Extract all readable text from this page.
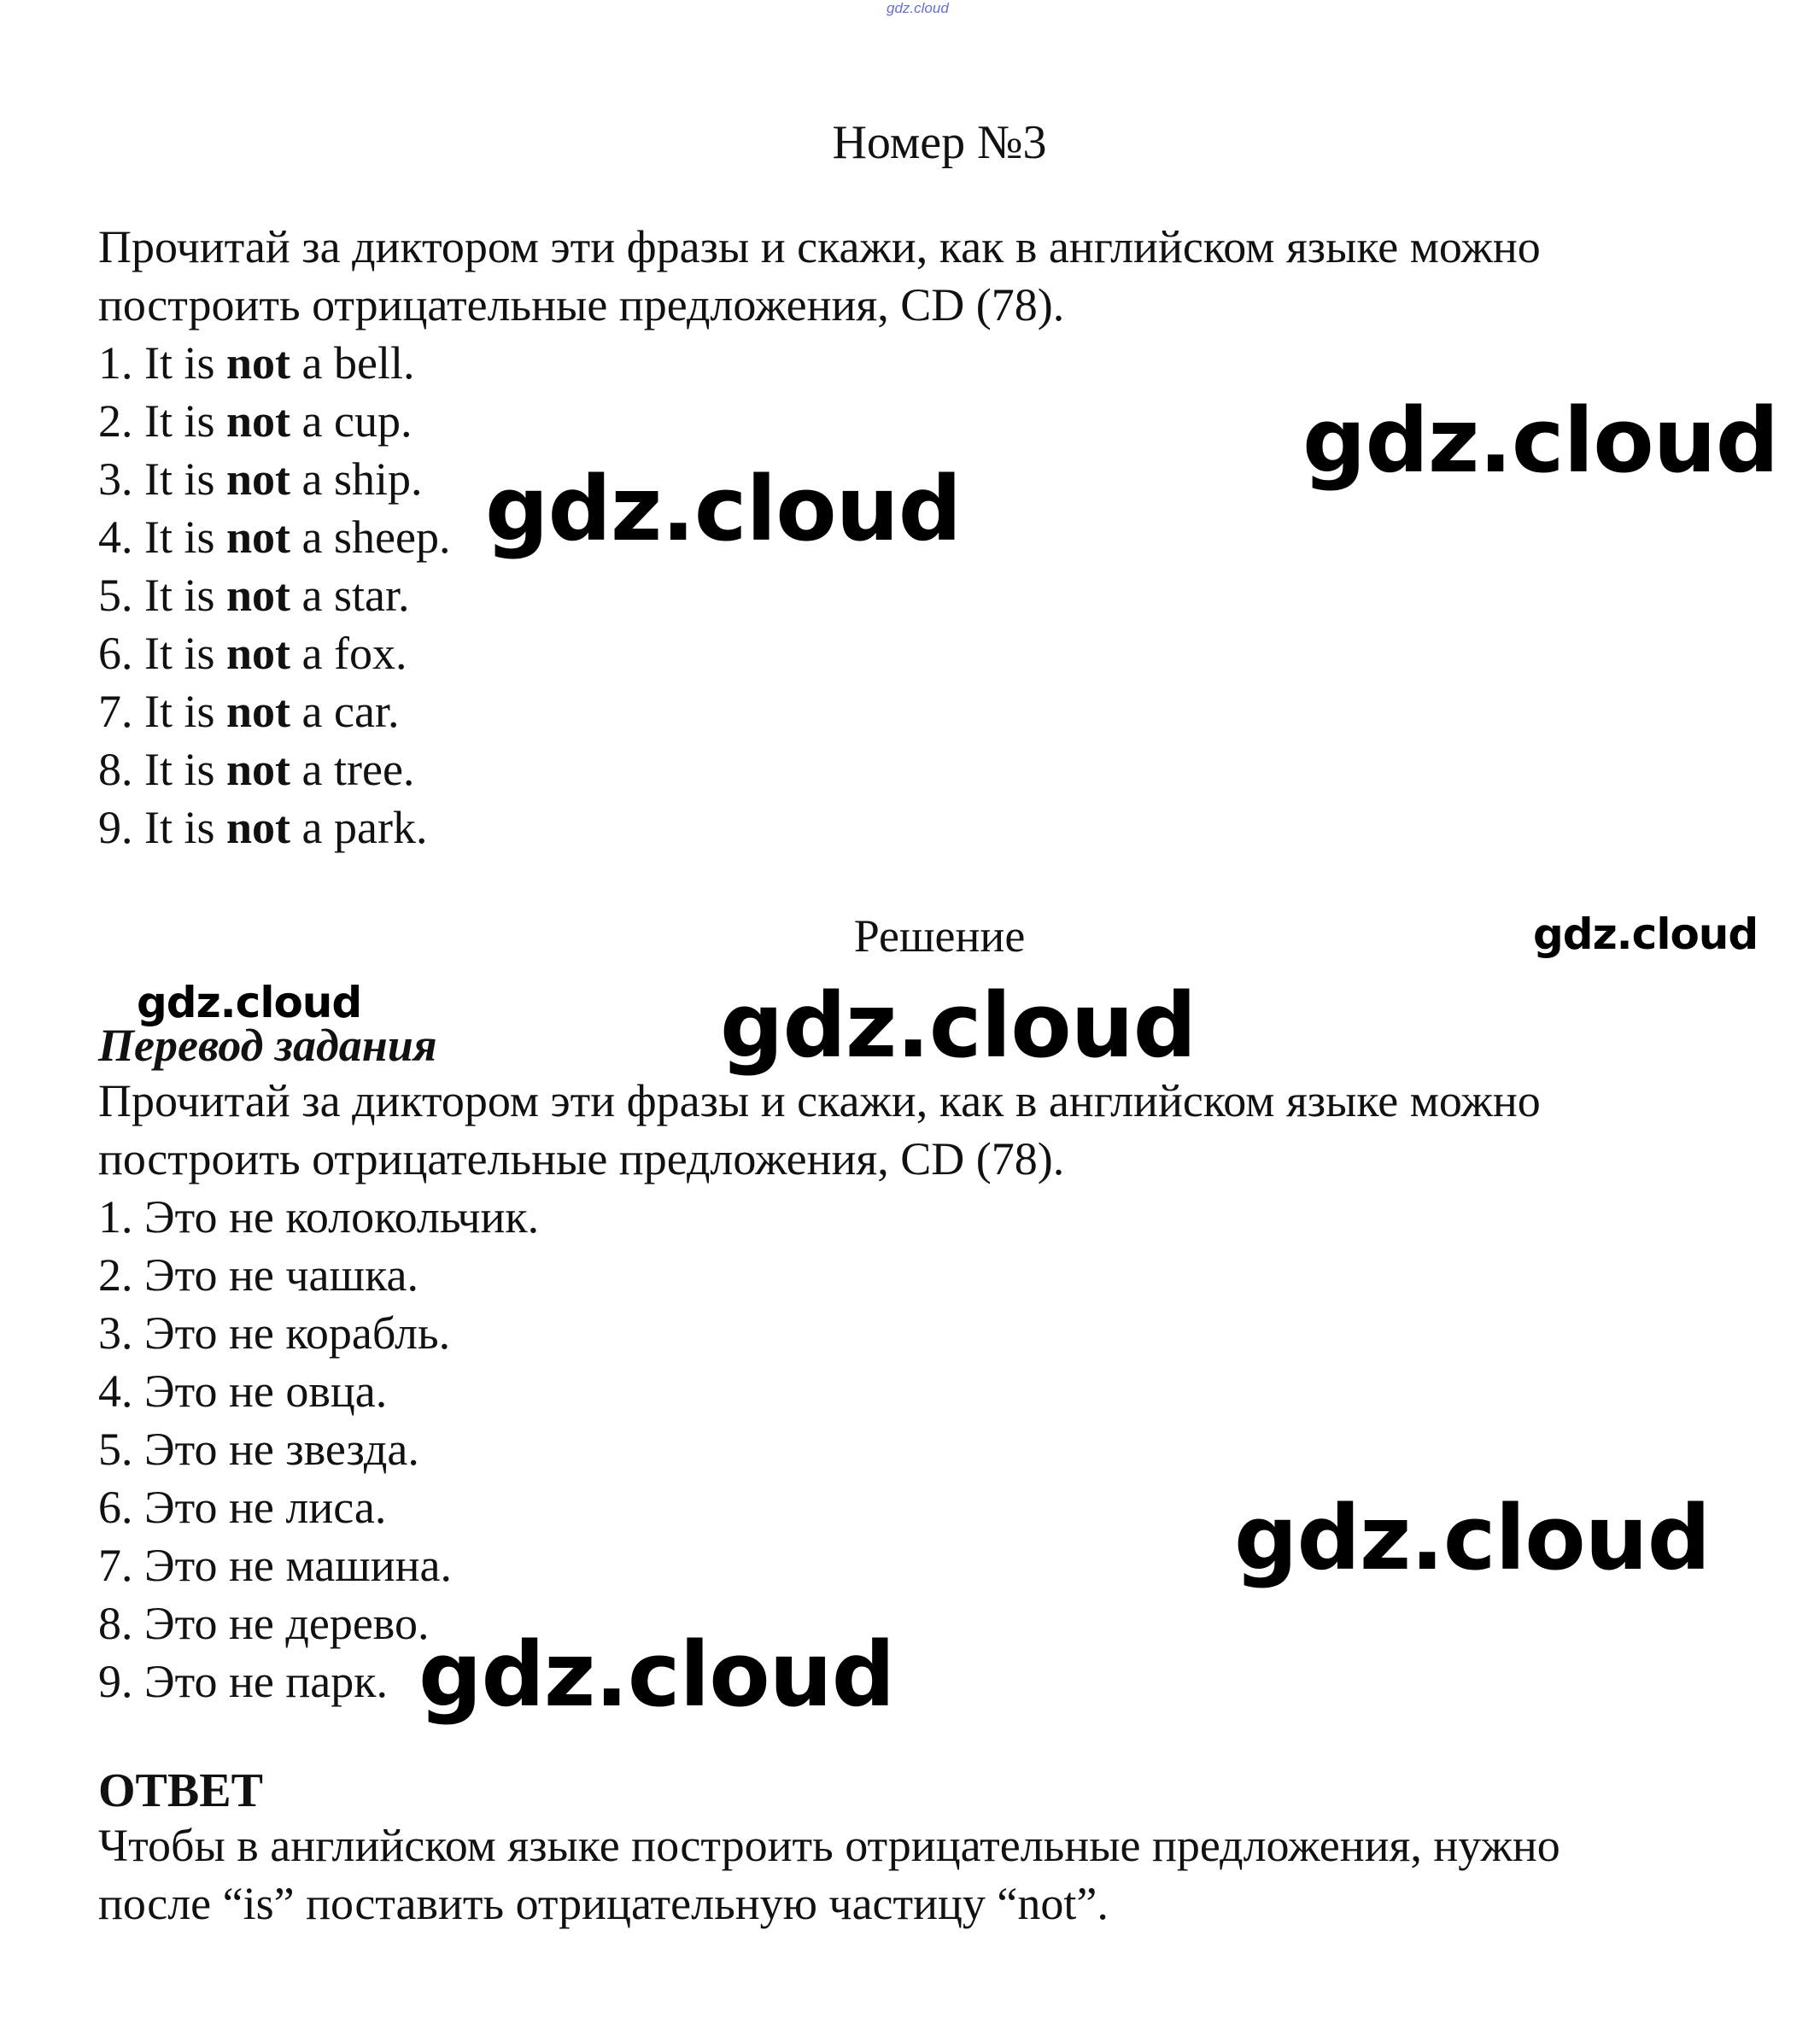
gdz.cloud
Номер №3

Прочитай за диктором эти фразы и скажи, как в английском языке можно

построить отрицательные предложения, CD (78).

1. It is not a bell.
2. It is not a cup.
3. It is not a ship.
4. It is not a sheep.
5. It is not a star.
6. It is not a fox.
7. It is not a car.
8. It is not a tree.
9. It is not a park.
Решение
Перевод задания

Прочитай за диктором эти фразы и скажи, как в английском языке можно

построить отрицательные предложения, CD (78).

1. Это не колокольчик.
2. Это не чашка.
3. Это не корабль.
4. Это не овца.
5. Это не звезда.
6. Это не лиса.
7. Это не машина.
8. Это не дерево.
9. Это не парк.
ОТВЕТ

Чтобы в английском языке построить отрицательные предложения, нужно

после “is” поставить отрицательную частицу “not”.

gdz.cloud
gdz.cloud
gdz.cloud
gdz.cloud	gdz.cloud
gdz.cloud
gdz.cloud
